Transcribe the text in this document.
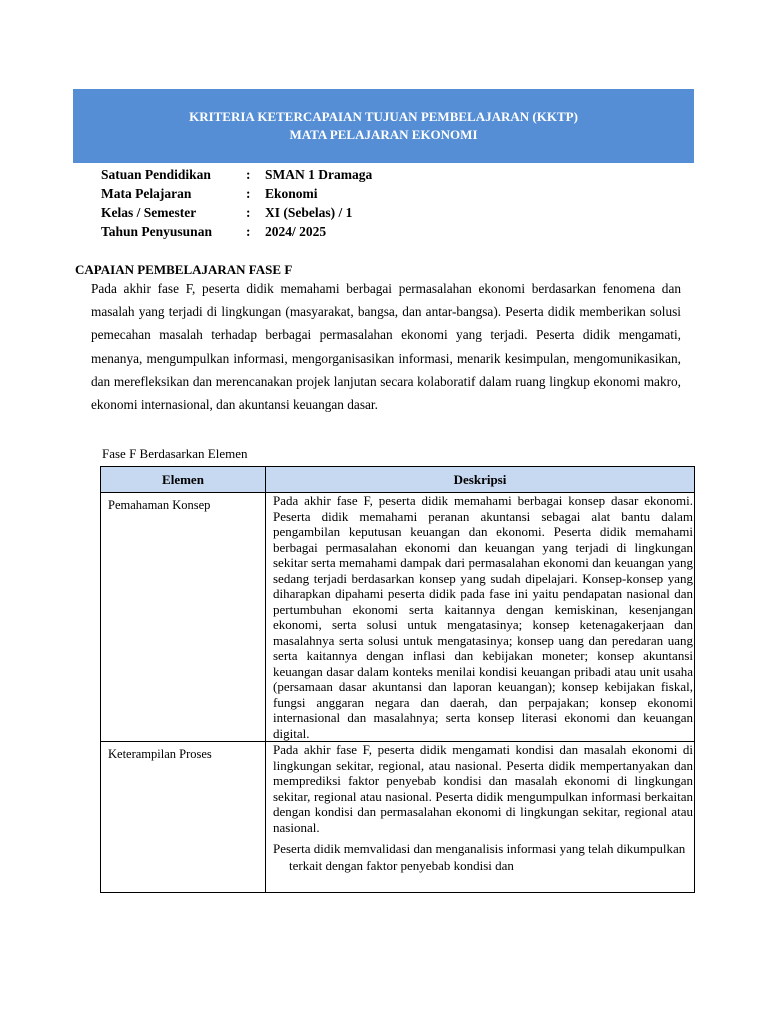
KRITERIA KETERCAPAIAN TUJUAN PEMBELAJARAN (KKTP)
MATA PELAJARAN EKONOMI
Satuan Pendidikan	: SMAN 1 Dramaga
Mata Pelajaran	: Ekonomi
Kelas / Semester	: XI (Sebelas) / 1
Tahun Penyusunan	: 2024/ 2025
CAPAIAN PEMBELAJARAN FASE F

Pada akhir fase F, peserta didik memahami berbagai permasalahan ekonomi berdasarkan fenomena dan masalah yang terjadi di lingkungan (masyarakat, bangsa, dan antar-bangsa). Peserta didik memberikan solusi pemecahan masalah terhadap berbagai permasalahan ekonomi yang terjadi. Peserta didik mengamati, menanya, mengumpulkan informasi, mengorganisasikan informasi, menarik kesimpulan, mengomunikasikan, dan merefleksikan dan merencanakan projek lanjutan secara kolaboratif dalam ruang lingkup ekonomi makro, ekonomi internasional, dan akuntansi keuangan dasar.

Fase F Berdasarkan Elemen
Elemen	Deskripsi
Pemahaman Konsep	Pada akhir fase F, peserta didik memahami berbagai konsep dasar ekonomi. Peserta didik memahami peranan akuntansi sebagai alat bantu dalam pengambilan keputusan keuangan dan ekonomi. Peserta didik memahami berbagai permasalahan ekonomi dan keuangan yang terjadi di lingkungan sekitar serta memahami dampak dari permasalahan ekonomi dan keuangan yang sedang terjadi berdasarkan konsep yang sudah dipelajari. Konsep-konsep yang diharapkan dipahami peserta didik pada fase ini yaitu pendapatan nasional dan pertumbuhan ekonomi serta kaitannya dengan kemiskinan, kesenjangan ekonomi, serta solusi untuk mengatasinya; konsep ketenagakerjaan dan masalahnya serta solusi untuk mengatasinya; konsep uang dan peredaran uang serta kaitannya dengan inflasi dan kebijakan moneter; konsep akuntansi keuangan dasar dalam konteks menilai kondisi keuangan pribadi atau unit usaha (persamaan dasar akuntansi dan laporan keuangan); konsep kebijakan fiskal, fungsi anggaran negara dan daerah, dan perpajakan; konsep ekonomi internasional dan masalahnya; serta konsep literasi ekonomi dan keuangan digital.

Keterampilan Proses	Pada akhir fase F, peserta didik mengamati kondisi dan masalah ekonomi di lingkungan sekitar, regional, atau nasional. Peserta didik mempertanyakan dan memprediksi faktor penyebab kondisi dan masalah ekonomi di lingkungan sekitar, regional atau nasional. Peserta didik mengumpulkan informasi berkaitan dengan kondisi dan permasalahan ekonomi di lingkungan sekitar, regional atau nasional.

Peserta didik memvalidasi dan menganalisis informasi yang telah dikumpulkan terkait dengan faktor penyebab kondisi dan
